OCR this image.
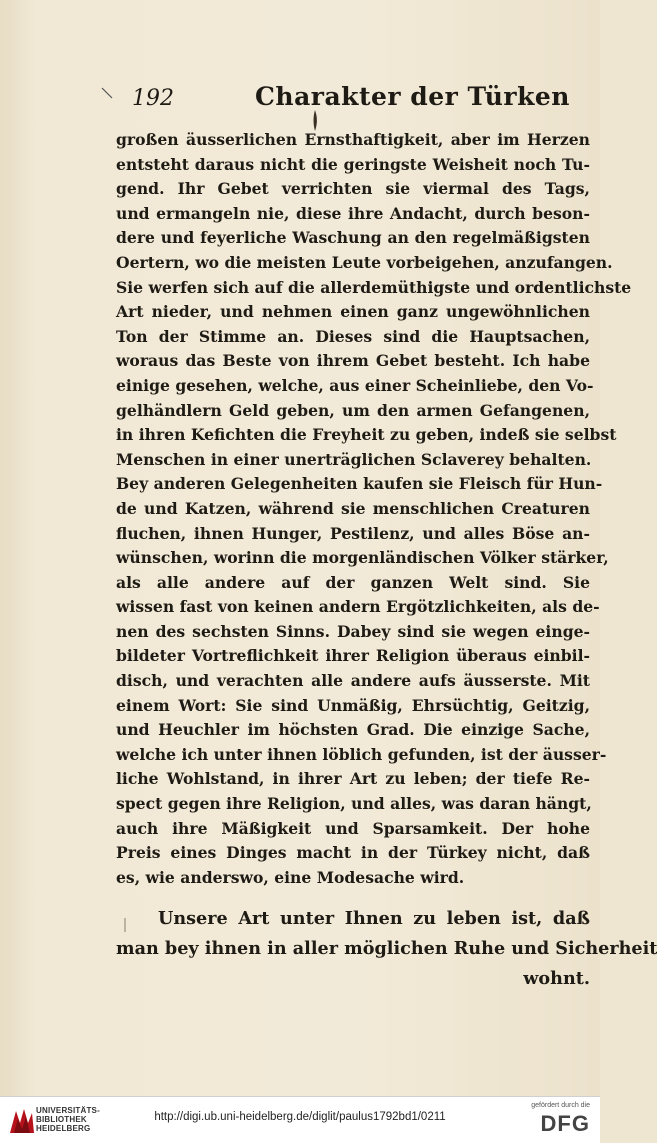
192	Charakter der Türken
großen äusserlichen Ernsthaftigkeit, aber im Herzen
entsteht daraus nicht die geringste Weisheit noch Tu-
gend. Ihr Gebet verrichten sie viermal des Tags,
und ermangeln nie, diese ihre Andacht, durch beson-
dere und feyerliche Waschung an den regelmäßigsten
Oertern, wo die meisten Leute vorbeigehen, anzufangen.
Sie werfen sich auf die allerdemüthigste und ordentlichste
Art nieder, und nehmen einen ganz ungewöhnlichen
Ton der Stimme an. Dieses sind die Hauptsachen,
woraus das Beste von ihrem Gebet besteht. Ich habe
einige gesehen, welche, aus einer Scheinliebe, den Vo-
gelhändlern Geld geben, um den armen Gefangenen,
in ihren Kefichten die Freyheit zu geben, indeß sie selbst
Menschen in einer unerträglichen Sclaverey behalten.
Bey anderen Gelegenheiten kaufen sie Fleisch für Hun-
de und Katzen, während sie menschlichen Creaturen
fluchen, ihnen Hunger, Pestilenz, und alles Böse an-
wünschen, worinn die morgenländischen Völker stärker,
als alle andere auf der ganzen Welt sind. Sie
wissen fast von keinen andern Ergötzlichkeiten, als de-
nen des sechsten Sinns. Dabey sind sie wegen einge-
bildeter Vortreflichkeit ihrer Religion überaus einbil-
disch, und verachten alle andere aufs äusserste. Mit
einem Wort: Sie sind Unmäßig, Ehrsüchtig, Geitzig,
und Heuchler im höchsten Grad. Die einzige Sache,
welche ich unter ihnen löblich gefunden, ist der äusser-
liche Wohlstand, in ihrer Art zu leben; der tiefe Re-
spect gegen ihre Religion, und alles, was daran hängt,
auch ihre Mäßigkeit und Sparsamkeit. Der hohe
Preis eines Dinges macht in der Türkey nicht, daß
es, wie anderswo, eine Modesache wird.
Unsere Art unter Ihnen zu leben ist, daß
man bey ihnen in aller möglichen Ruhe und Sicherheit
wohnt.
UNIVERSITÄTS-
BIBLIOTHEK
HEIDELBERG
http://digi.ub.uni-heidelberg.de/diglit/paulus1792bd1/0211
gefördert durch die
DFG
